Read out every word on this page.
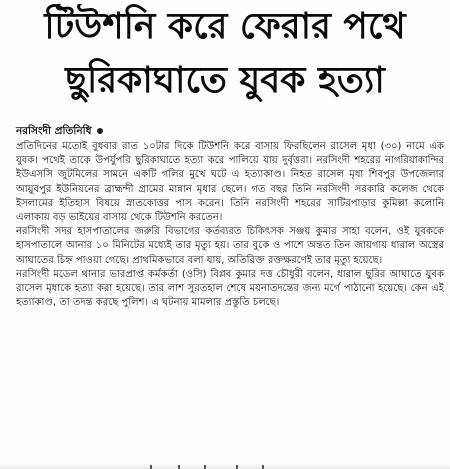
টিউশনি করে ফেরার পথে
ছুরিকাঘাতে যুবক হত্যা
নরসিংদী প্রতিনিধি

প্রতিদিনের মতোই বুধবার রাত ১০টার দিকে টিউশনি করে বাসায় ফিরছিলেন রাসেল মৃধা (৩০) নামে এক যুবক। পথেই তাকে উপর্যুপরি ছুরিকাঘাতে হত্যা করে পালিয়ে যায় দুর্বৃত্তরা। নরসিংদী শহরের নাগরিয়াকান্দির ইউএসসি জুটমিলের সামনে একটি গলির মুখে ঘটে এ হত্যাকাণ্ড। নিহত রাসেল মৃধা শিবপুর উপজেলার আয়ুবপুর ইউনিয়নের ব্রাহ্মন্দী গ্রামের মান্নান মৃধার ছেলে। গত বছর তিনি নরসিংদী সরকারি কলেজ থেকে ইসলামের ইতিহাস বিষয়ে স্নাতকোত্তর পাস করেন। তিনি নরসিংদী শহরের সাটিরপাড়ার কুমিল্লা কলোনি এলাকায় বড় ভাইয়ের বাসায় থেকে টিউশনি করতেন।

নরসিংদী সদর হাসপাতালের জরুরি বিভাগের কর্তব্যরত চিকিৎসক সঞ্জয় কুমার সাহা বলেন, ওই যুবককে হাসপাতালে আনার ১০ মিনিটের মধ্যেই তার মৃত্যু হয়। তার বুকে ও পাশে অন্তত তিন জায়গায় ধারাল অস্ত্রের আঘাতের চিহ্ন পাওয়া গেছে। প্রাথমিকভাবে বলা যায়, অতিরিক্ত রক্তক্ষরণেই তার মৃত্যু হয়েছে।

নরসিংদী মডেল থানার ভারপ্রাপ্ত কর্মকর্তা (ওসি) বিপ্লব কুমার দত্ত চৌধুরী বলেন, ধারাল ছুরির আঘাতে যুবক রাসেল মৃধাকে হত্যা করা হয়েছে। তার লাশ সুরতহাল শেষে ময়নাতদন্তের জন্য মর্গে পাঠানো হয়েছে। কেন এই হত্যাকাণ্ড, তা তদন্ত করছে পুলিশ। এ ঘটনায় মামলার প্রস্তুতি চলছে।
